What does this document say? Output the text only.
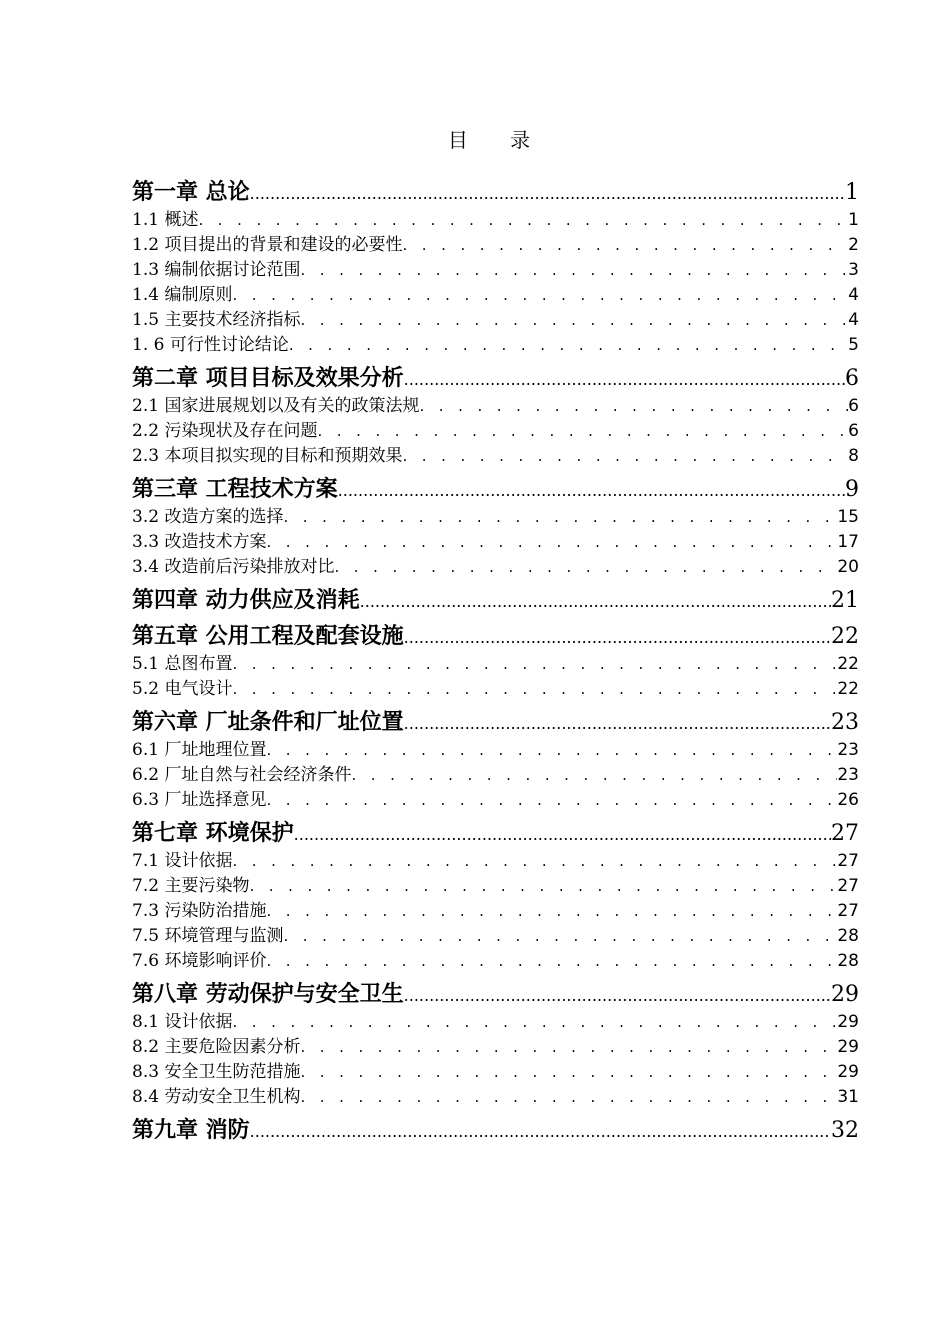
目 录
第一章 总论 .....	1
1.1 概述 . . .	1
1.2 项目提出的背景和建设的必要性 . . .	2
1.3 编制依据讨论范围 . . .	3
1.4 编制原则 . . .	4
1.5 主要技术经济指标 . . .	4
1. 6 可行性讨论结论 . . .	5
第二章 项目目标及效果分析 .....	6
2.1 国家进展规划以及有关的政策法规 . . .	6
2.2 污染现状及存在问题 . . .	6
2.3 本项目拟实现的目标和预期效果 . . .	8
第三章 工程技术方案 .....	9
3.2 改造方案的选择 . . .	15
3.3 改造技术方案 . . .	17
3.4 改造前后污染排放对比 . . .	20
第四章 动力供应及消耗 .....	21
第五章 公用工程及配套设施 .....	22
5.1 总图布置 . . .	22
5.2 电气设计 . . .	22
第六章 厂址条件和厂址位置 .....	23
6.1 厂址地理位置 . . .	23
6.2 厂址自然与社会经济条件 . . .	23
6.3 厂址选择意见 . . .	26
第七章 环境保护 .....	27
7.1 设计依据 . . .	27
7.2 主要污染物 . . .	27
7.3 污染防治措施 . . .	27
7.5 环境管理与监测 . . .	28
7.6 环境影响评价 . . .	28
第八章 劳动保护与安全卫生 .....	29
8.1 设计依据 . . .	29
8.2 主要危险因素分析 . . .	29
8.3 安全卫生防范措施 . . .	29
8.4 劳动安全卫生机构 . . .	31
第九章 消防 .....	32
